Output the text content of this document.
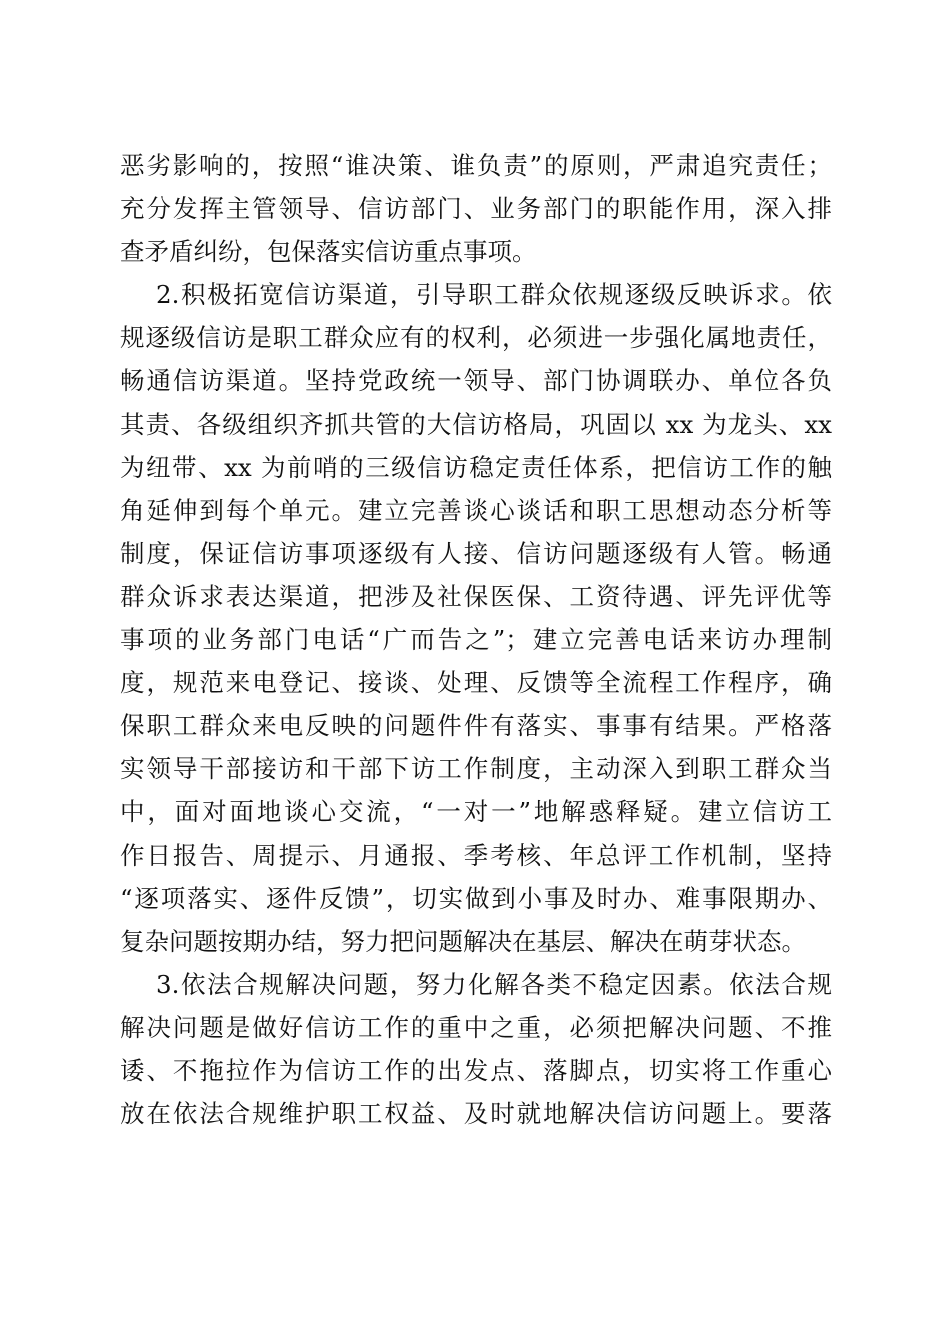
恶劣影响的，按照“谁决策、谁负责”的原则，严肃追究责任；
充分发挥主管领导、信访部门、业务部门的职能作用，深入排
查矛盾纠纷，包保落实信访重点事项。
2.积极拓宽信访渠道，引导职工群众依规逐级反映诉求。依
规逐级信访是职工群众应有的权利，必须进一步强化属地责任，
畅通信访渠道。坚持党政统一领导、部门协调联办、单位各负
其责、各级组织齐抓共管的大信访格局，巩固以 xx 为龙头、xx
为纽带、xx 为前哨的三级信访稳定责任体系，把信访工作的触
角延伸到每个单元。建立完善谈心谈话和职工思想动态分析等
制度，保证信访事项逐级有人接、信访问题逐级有人管。畅通
群众诉求表达渠道，把涉及社保医保、工资待遇、评先评优等
事项的业务部门电话“广而告之”；建立完善电话来访办理制
度，规范来电登记、接谈、处理、反馈等全流程工作程序，确
保职工群众来电反映的问题件件有落实、事事有结果。严格落
实领导干部接访和干部下访工作制度，主动深入到职工群众当
中，面对面地谈心交流，“一对一”地解惑释疑。建立信访工
作日报告、周提示、月通报、季考核、年总评工作机制，坚持
“逐项落实、逐件反馈”，切实做到小事及时办、难事限期办、
复杂问题按期办结，努力把问题解决在基层、解决在萌芽状态。
3.依法合规解决问题，努力化解各类不稳定因素。依法合规
解决问题是做好信访工作的重中之重，必须把解决问题、不推
诿、不拖拉作为信访工作的出发点、落脚点，切实将工作重心
放在依法合规维护职工权益、及时就地解决信访问题上。要落
